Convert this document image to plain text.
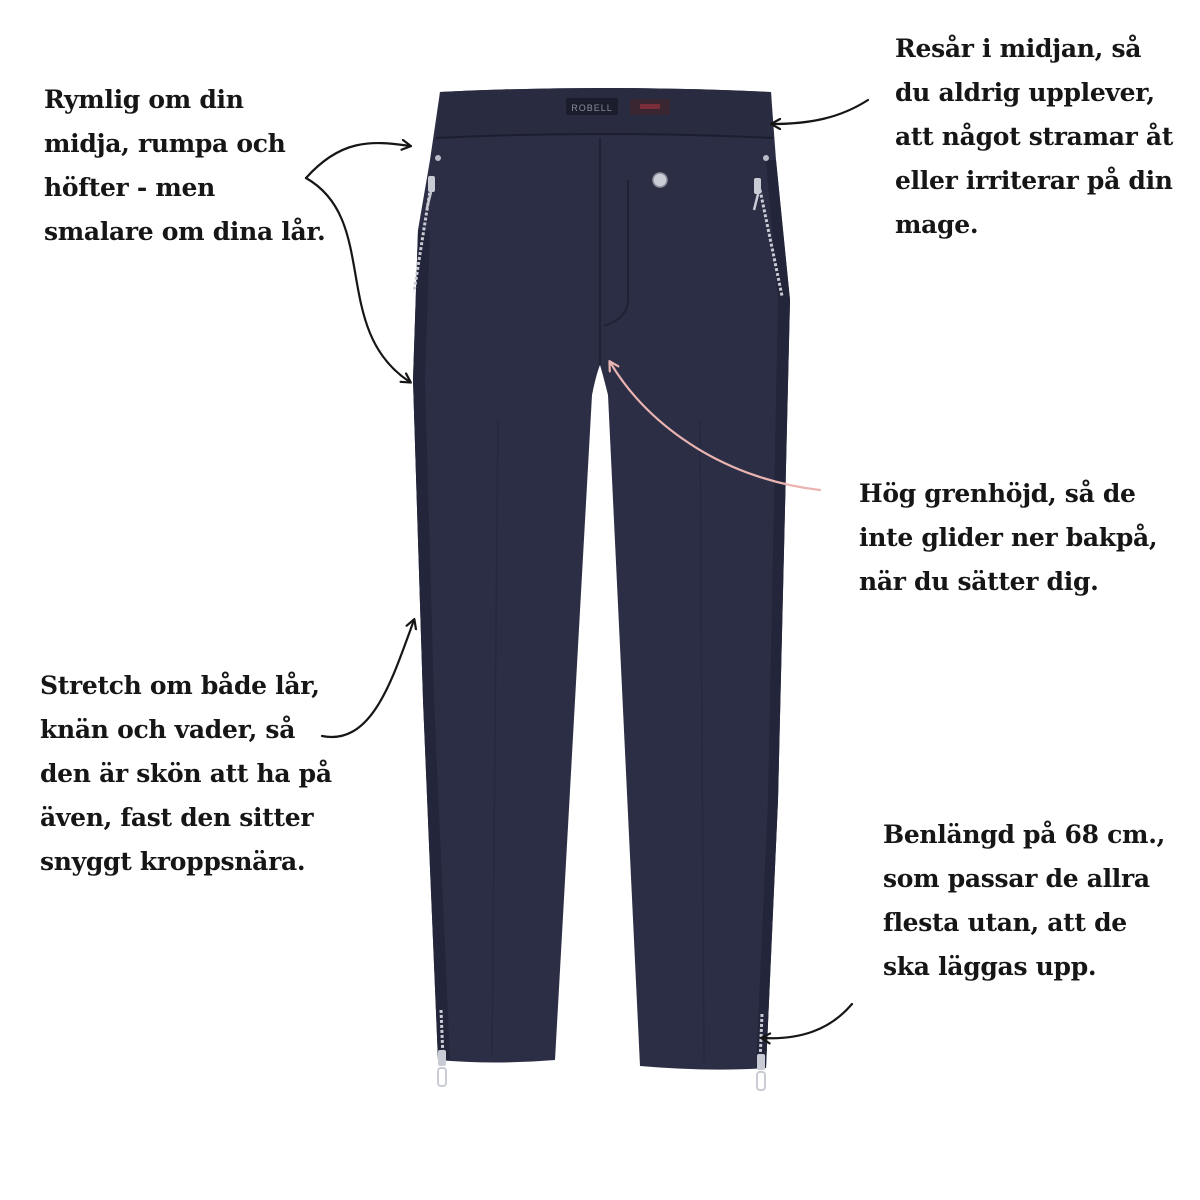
ROBELL

Rymlig om din
midja, rumpa och
höfter - men
smalare om dina lår.

Resår i midjan, så
du aldrig upplever,
att något stramar åt
eller irriterar på din
mage.

Hög grenhöjd, så de
inte glider ner bakpå,
när du sätter dig.

Stretch om både lår,
knän och vader, så
den är skön att ha på
även, fast den sitter
snyggt kroppsnära.

Benlängd på 68 cm.,
som passar de allra
flesta utan, att de
ska läggas upp.
